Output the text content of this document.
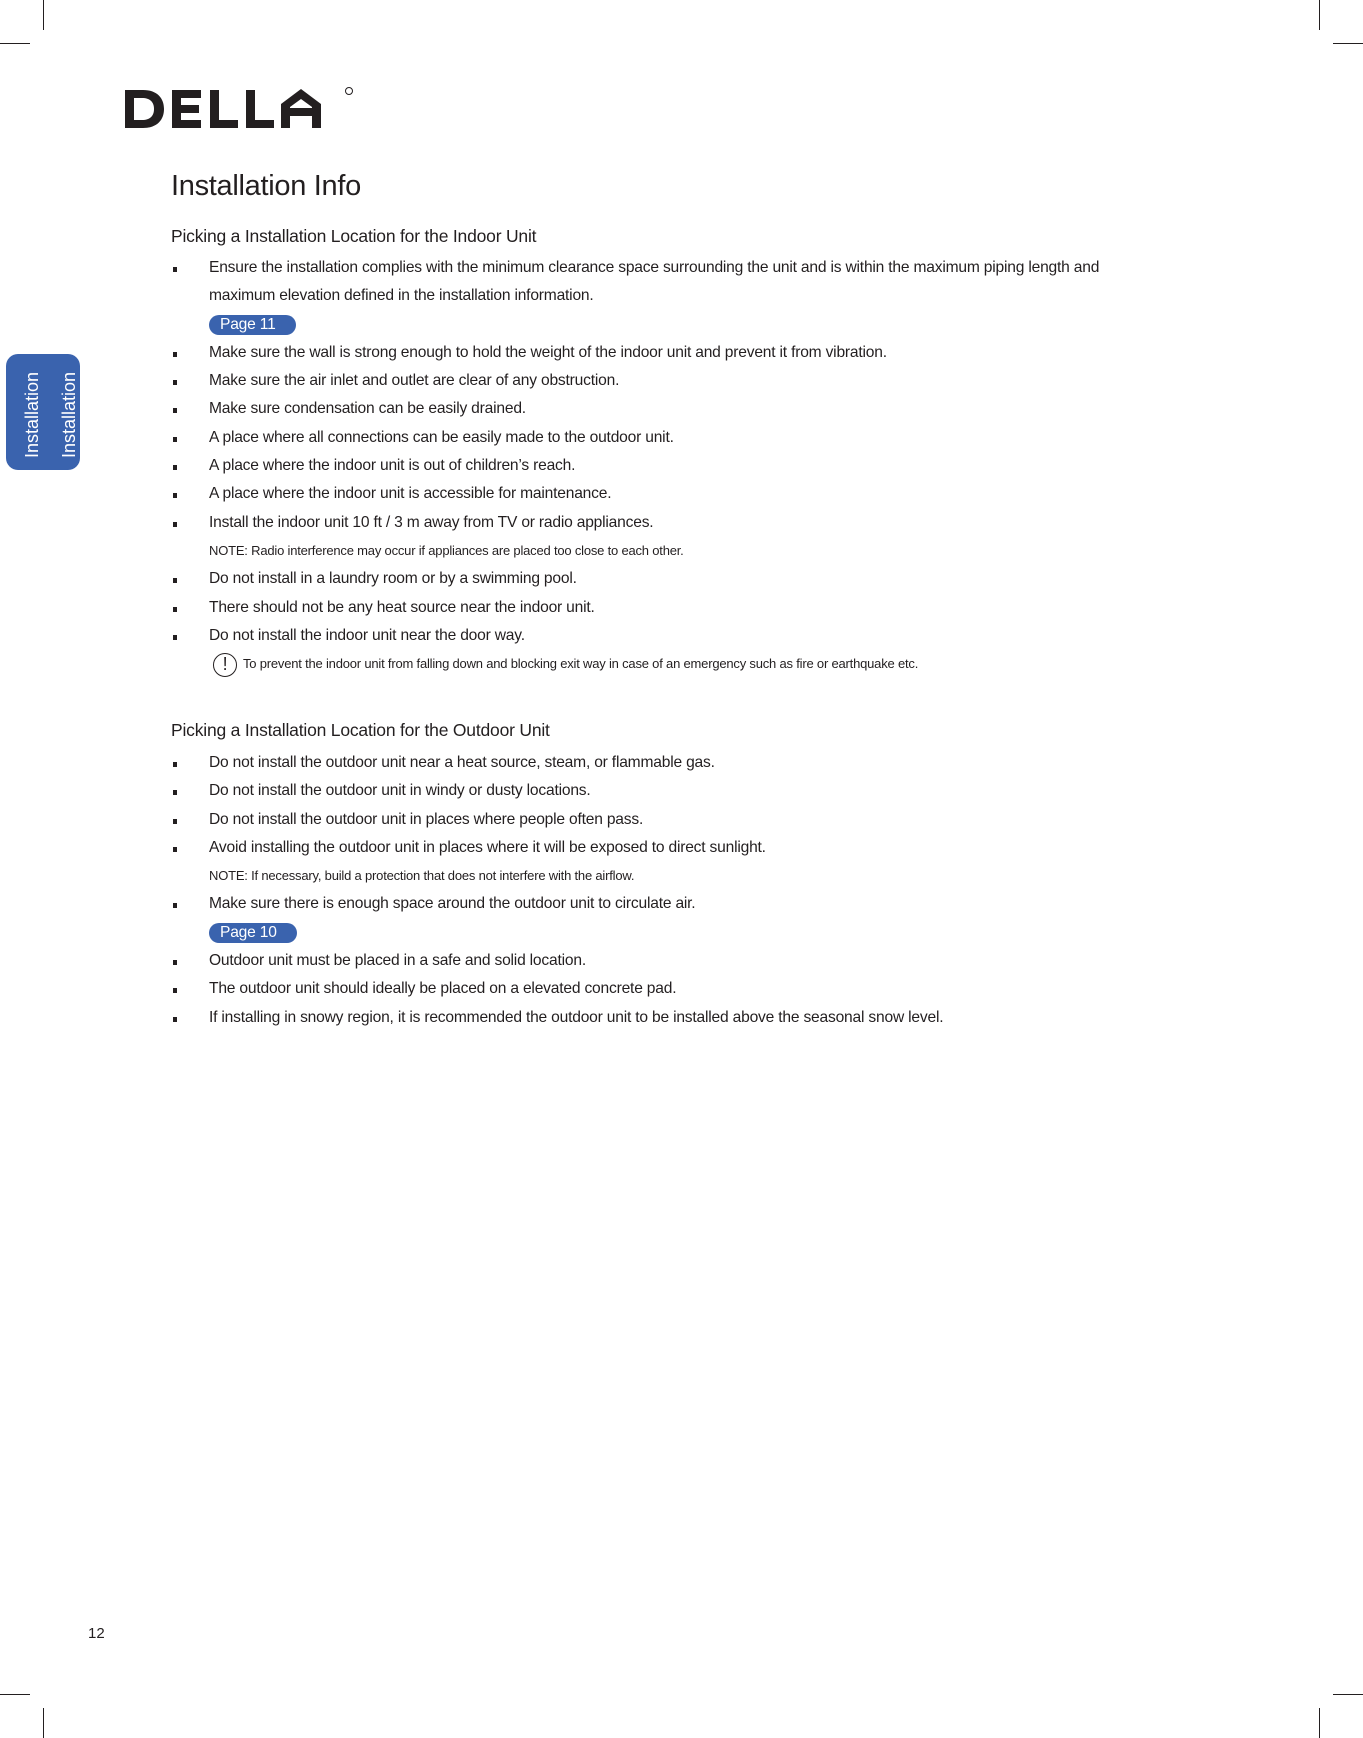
Installation Installation
Installation Info
Picking a Installation Location for the Indoor Unit
Ensure the installation complies with the minimum clearance space surrounding the unit and is within the maximum piping length and
maximum elevation defined in the installation information.
Page 11
Make sure the wall is strong enough to hold the weight of the indoor unit and prevent it from vibration.
Make sure the air inlet and outlet are clear of any obstruction.
Make sure condensation can be easily drained.
A place where all connections can be easily made to the outdoor unit.
A place where the indoor unit is out of children’s reach.
A place where the indoor unit is accessible for maintenance.
Install the indoor unit 10 ft / 3 m away from TV or radio appliances.
NOTE: Radio interference may occur if appliances are placed too close to each other.
Do not install in a laundry room or by a swimming pool.
There should not be any heat source near the indoor unit.
Do not install the indoor unit near the door way.
! To prevent the indoor unit from falling down and blocking exit way in case of an emergency such as fire or earthquake etc.
Picking a Installation Location for the Outdoor Unit
Do not install the outdoor unit near a heat source, steam, or flammable gas.
Do not install the outdoor unit in windy or dusty locations.
Do not install the outdoor unit in places where people often pass.
Avoid installing the outdoor unit in places where it will be exposed to direct sunlight.
NOTE: If necessary, build a protection that does not interfere with the airflow.
Make sure there is enough space around the outdoor unit to circulate air.
Page 10
Outdoor unit must be placed in a safe and solid location.
The outdoor unit should ideally be placed on a elevated concrete pad.
If installing in snowy region, it is recommended the outdoor unit to be installed above the seasonal snow level.
12
